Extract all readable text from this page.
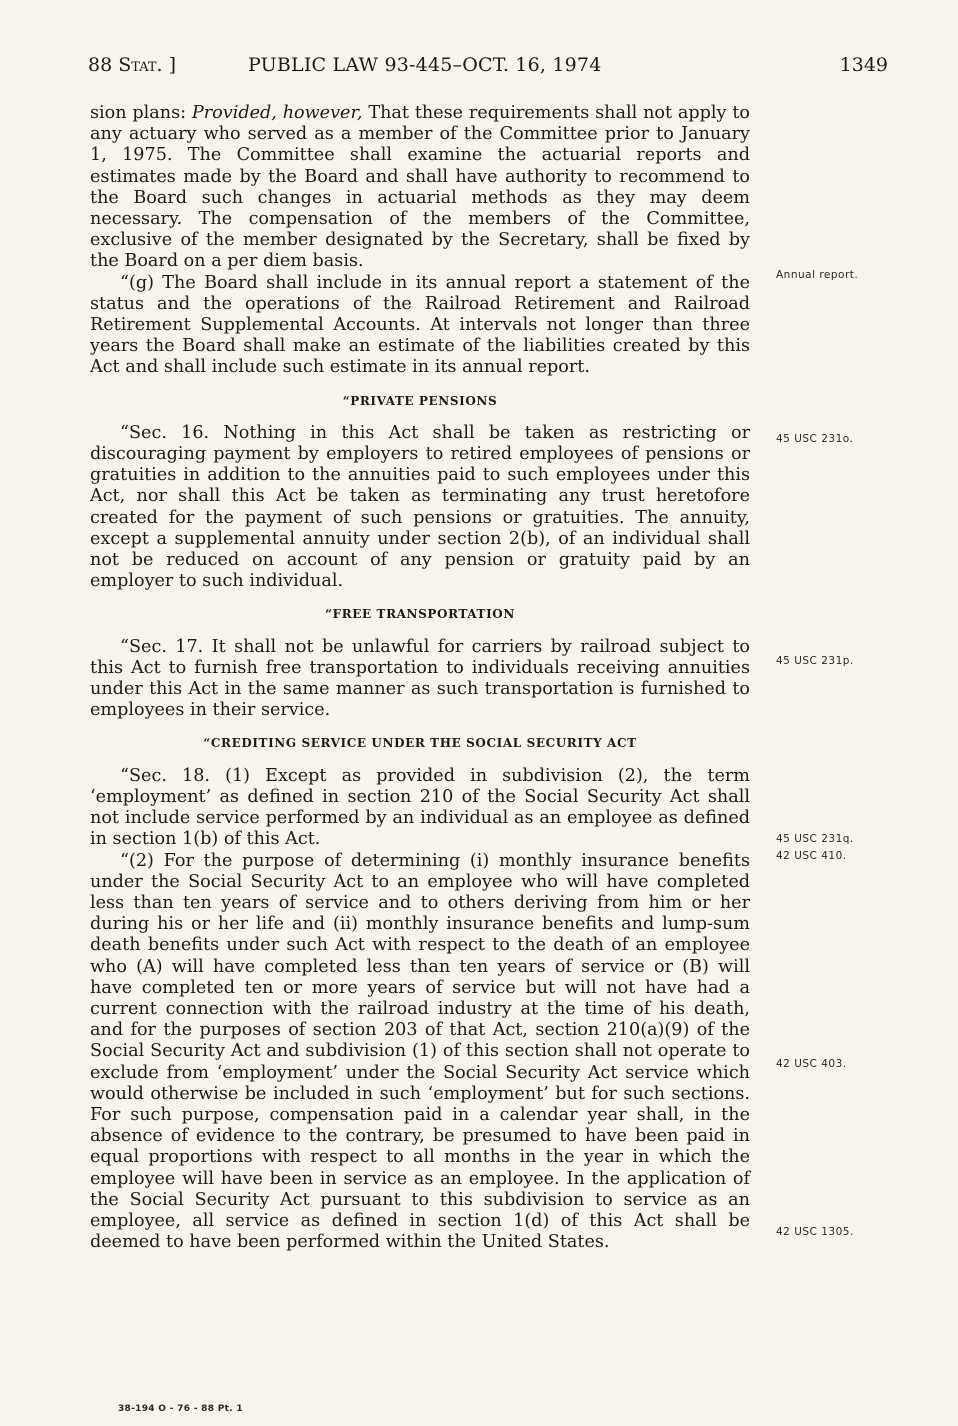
88 Stat. ]	PUBLIC LAW 93-445–OCT. 16, 1974	1349

sion plans: Provided, however, That these requirements shall not apply to any actuary who served as a member of the Committee prior to January 1, 1975. The Committee shall examine the actuarial reports and estimates made by the Board and shall have authority to recommend to the Board such changes in actuarial methods as they may deem necessary. The compensation of the members of the Committee, exclusive of the member designated by the Secretary, shall be fixed by the Board on a per diem basis.

“(g) The Board shall include in its annual report a statement of the status and the operations of the Railroad Retirement and Railroad Retirement Supplemental Accounts. At intervals not longer than three years the Board shall make an estimate of the liabilities created by this Act and shall include such estimate in its annual report.

“PRIVATE PENSIONS

“Sec. 16. Nothing in this Act shall be taken as restricting or discouraging payment by employers to retired employees of pensions or gratuities in addition to the annuities paid to such employees under this Act, nor shall this Act be taken as terminating any trust heretofore created for the payment of such pensions or gratuities. The annuity, except a supplemental annuity under section 2(b), of an individual shall not be reduced on account of any pension or gratuity paid by an employer to such individual.

“FREE TRANSPORTATION

“Sec. 17. It shall not be unlawful for carriers by railroad subject to this Act to furnish free transportation to individuals receiving annuities under this Act in the same manner as such transportation is furnished to employees in their service.

“CREDITING SERVICE UNDER THE SOCIAL SECURITY ACT

“Sec. 18. (1) Except as provided in subdivision (2), the term ‘employment’ as defined in section 210 of the Social Security Act shall not include service performed by an individual as an employee as defined in section 1(b) of this Act.

“(2) For the purpose of determining (i) monthly insurance benefits under the Social Security Act to an employee who will have completed less than ten years of service and to others deriving from him or her during his or her life and (ii) monthly insurance benefits and lump-sum death benefits under such Act with respect to the death of an employee who (A) will have completed less than ten years of service or (B) will have completed ten or more years of service but will not have had a current connection with the railroad industry at the time of his death, and for the purposes of section 203 of that Act, section 210(a)(9) of the Social Security Act and subdivision (1) of this section shall not operate to exclude from ‘employment’ under the Social Security Act service which would otherwise be included in such ‘employment’ but for such sections. For such purpose, compensation paid in a calendar year shall, in the absence of evidence to the contrary, be presumed to have been paid in equal proportions with respect to all months in the year in which the employee will have been in service as an employee. In the application of the Social Security Act pursuant to this subdivision to service as an employee, all service as defined in section 1(d) of this Act shall be deemed to have been performed within the United States.

Annual report.
45 USC 231o.
45 USC 231p.
45 USC 231q.
42 USC 410.
42 USC 403.
42 USC 1305.
38-194 O - 76 - 88 Pt. 1
